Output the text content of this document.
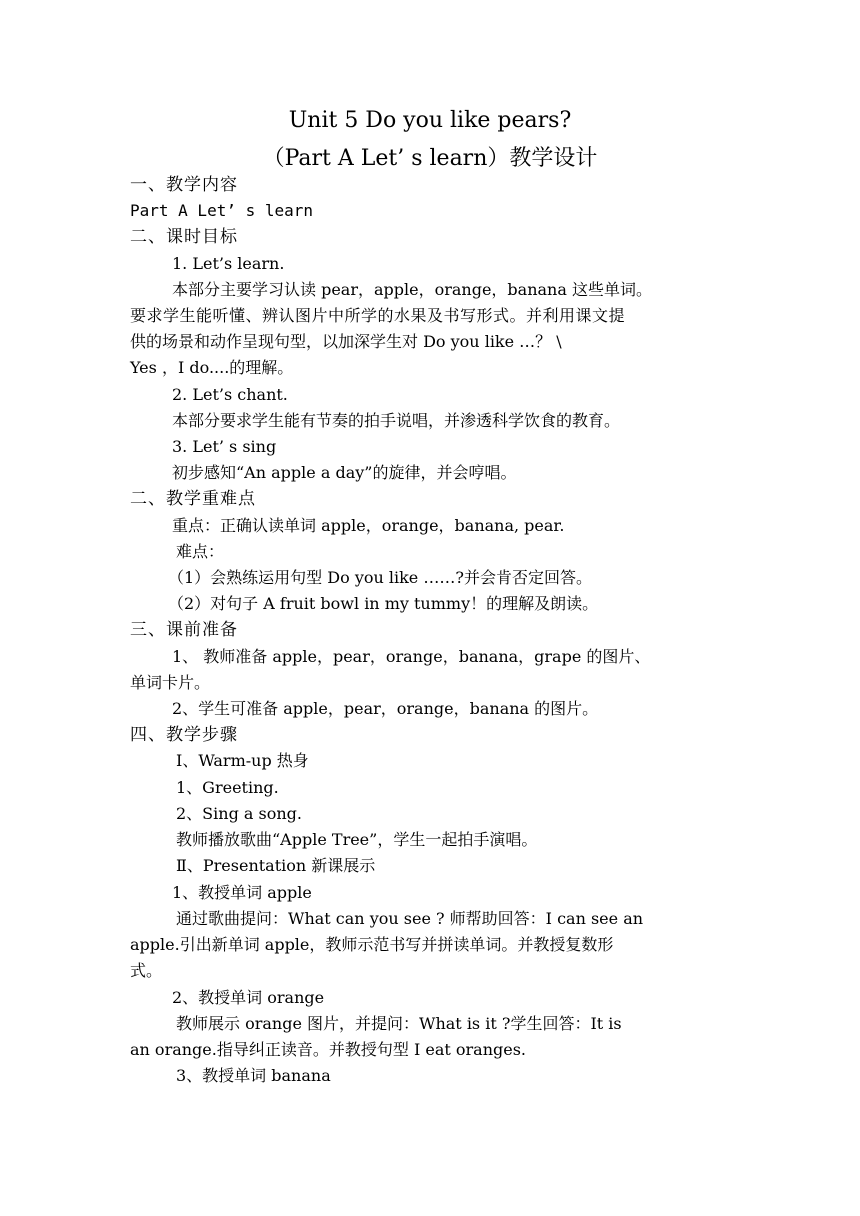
Unit 5 Do you like pears?
（Part A Let’ s learn）教学设计
一、教学内容
Part A Let’ s learn
二、课时目标
1. Let’s learn.
本部分主要学习认读 pear，apple，orange，banana 这些单词。
要求学生能听懂、辨认图片中所学的水果及书写形式。并利用课文提
供的场景和动作呈现句型，以加深学生对 Do you like …？ \
Yes ，I do....的理解。
2. Let’s chant.
本部分要求学生能有节奏的拍手说唱，并渗透科学饮食的教育。
3. Let’ s sing
初步感知“An apple a day”的旋律，并会哼唱。
二、教学重难点
重点：正确认读单词 apple，orange，banana, pear.
难点：
（1）会熟练运用句型 Do you like ……?并会肯否定回答。
（2）对句子 A fruit bowl in my tummy！的理解及朗读。
三、课前准备
1、 教师准备 apple，pear，orange，banana，grape 的图片、
单词卡片。
2、学生可准备 apple，pear，orange，banana 的图片。
四、教学步骤
Ⅰ、Warm-up 热身
1、Greeting.
2、Sing a song.
教师播放歌曲“Apple Tree”，学生一起拍手演唱。
Ⅱ、Presentation 新课展示
1、教授单词 apple
通过歌曲提问：What can you see ? 师帮助回答：I can see an
apple.引出新单词 apple，教师示范书写并拼读单词。并教授复数形
式。
2、教授单词 orange
教师展示 orange 图片，并提问：What is it ?学生回答：It is
an orange.指导纠正读音。并教授句型 I eat oranges.
3、教授单词 banana
